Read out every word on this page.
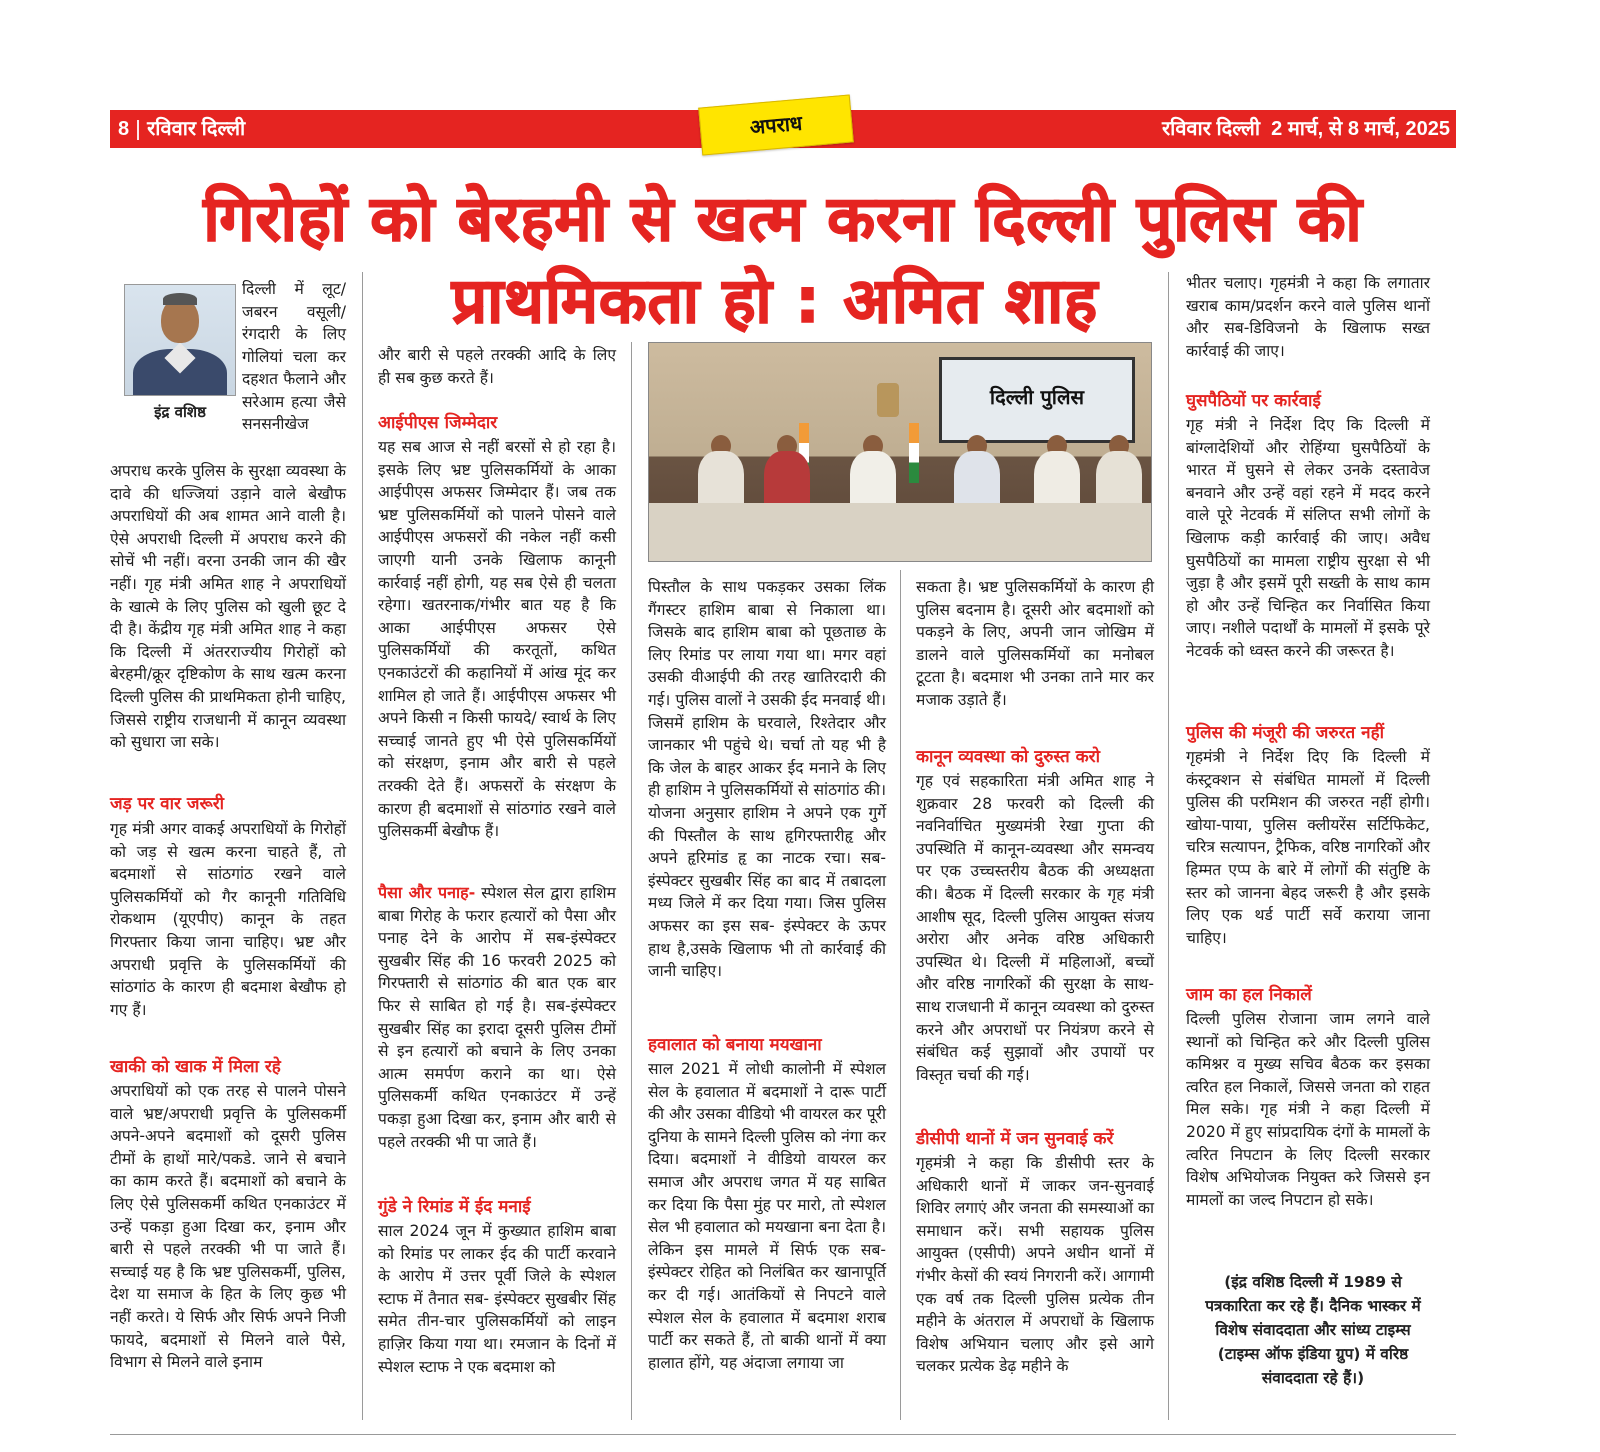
8 रविवार दिल्ली	अपराध	रविवार दिल्ली 2 मार्च, से 8 मार्च, 2025
गिरोहों को बेरहमी से खत्म करना दिल्ली पुलिस की
प्राथमिकता हो : अमित शाह
इंद्र वशिष्ठ
दिल्ली पुलिस

दिल्ली में लूट/ जबरन वसूली/ रंगदारी के लिए गोलियां चला कर दहशत फैलाने और सरेआम हत्या जैसे सनसनीखेज

अपराध करके पुलिस के सुरक्षा व्यवस्था के दावे की धज्जियां उड़ाने वाले बेखौफ अपराधियों की अब शामत आने वाली है। ऐसे अपराधी दिल्ली में अपराध करने की सोचें भी नहीं। वरना उनकी जान की खैर नहीं। गृह मंत्री अमित शाह ने अपराधियों के खात्मे के लिए पुलिस को खुली छूट दे दी है। केंद्रीय गृह मंत्री अमित शाह ने कहा कि दिल्ली में अंतरराज्यीय गिरोहों को बेरहमी/क्रूर दृष्टिकोण के साथ खत्म करना दिल्ली पुलिस की प्राथमिकता होनी चाहिए, जिससे राष्ट्रीय राजधानी में कानून व्यवस्था को सुधारा जा सके।

जड़ पर वार जरूरी

गृह मंत्री अगर वाकई अपराधियों के गिरोहों को जड़ से खत्म करना चाहते हैं, तो बदमाशों से सांठगांठ रखने वाले पुलिसकर्मियों को गैर कानूनी गतिविधि रोकथाम (यूएपीए) कानून के तहत गिरफ्तार किया जाना चाहिए। भ्रष्ट और अपराधी प्रवृत्ति के पुलिसकर्मियों की सांठगांठ के कारण ही बदमाश बेखौफ हो गए हैं।

खाकी को खाक में मिला रहे

अपराधियों को एक तरह से पालने पोसने वाले भ्रष्ट/अपराधी प्रवृत्ति के पुलिसकर्मी अपने-अपने बदमाशों को दूसरी पुलिस टीमों के हाथों मारे/पकडे. जाने से बचाने का काम करते हैं। बदमाशों को बचाने के लिए ऐसे पुलिसकर्मी कथित एनकाउंटर में उन्हें पकड़ा हुआ दिखा कर, इनाम और बारी से पहले तरक्की भी पा जाते हैं। सच्चाई यह है कि भ्रष्ट पुलिसकर्मी, पुलिस, देश या समाज के हित के लिए कुछ भी नहीं करते। ये सिर्फ और सिर्फ अपने निजी फायदे, बदमाशों से मिलने वाले पैसे, विभाग से मिलने वाले इनाम

और बारी से पहले तरक्की आदि के लिए ही सब कुछ करते हैं।

आईपीएस जिम्मेदार

यह सब आज से नहीं बरसों से हो रहा है। इसके लिए भ्रष्ट पुलिसकर्मियों के आका आईपीएस अफसर जिम्मेदार हैं। जब तक भ्रष्ट पुलिसकर्मियों को पालने पोसने वाले आईपीएस अफसरों की नकेल नहीं कसी जाएगी यानी उनके खिलाफ कानूनी कार्रवाई नहीं होगी, यह सब ऐसे ही चलता रहेगा। खतरनाक/गंभीर बात यह है कि आका आईपीएस अफसर ऐसे पुलिसकर्मियों की करतूतों, कथित एनकाउंटरों की कहानियों में आंख मूंद कर शामिल हो जाते हैं। आईपीएस अफसर भी अपने किसी न किसी फायदे/ स्वार्थ के लिए सच्चाई जानते हुए भी ऐसे पुलिसकर्मियों को संरक्षण, इनाम और बारी से पहले तरक्की देते हैं। अफसरों के संरक्षण के कारण ही बदमाशों से सांठगांठ रखने वाले पुलिसकर्मी बेखौफ हैं।

पैसा और पनाह- स्पेशल सेल द्वारा हाशिम बाबा गिरोह के फरार हत्यारों को पैसा और पनाह देने के आरोप में सब-इंस्पेक्टर सुखबीर सिंह की 16 फरवरी 2025 को गिरफ्तारी से सांठगांठ की बात एक बार फिर से साबित हो गई है। सब-इंस्पेक्टर सुखबीर सिंह का इरादा दूसरी पुलिस टीमों से इन हत्यारों को बचाने के लिए उनका आत्म समर्पण कराने का था। ऐसे पुलिसकर्मी कथित एनकाउंटर में उन्हें पकड़ा हुआ दिखा कर, इनाम और बारी से पहले तरक्की भी पा जाते हैं।

गुंडे ने रिमांड में ईद मनाई

साल 2024 जून में कुख्यात हाशिम बाबा को रिमांड पर लाकर ईद की पार्टी करवाने के आरोप में उत्तर पूर्वी जिले के स्पेशल स्टाफ में तैनात सब- इंस्पेक्टर सुखबीर सिंह समेत तीन-चार पुलिसकर्मियों को लाइन हाज़िर किया गया था। रमजान के दिनों में स्पेशल स्टाफ ने एक बदमाश को

पिस्तौल के साथ पकड़कर उसका लिंक गैंगस्टर हाशिम बाबा से निकाला था। जिसके बाद हाशिम बाबा को पूछताछ के लिए रिमांड पर लाया गया था। मगर वहां उसकी वीआईपी की तरह खातिरदारी की गई। पुलिस वालों ने उसकी ईद मनवाई थी। जिसमें हाशिम के घरवाले, रिश्तेदार और जानकार भी पहुंचे थे। चर्चा तो यह भी है कि जेल के बाहर आकर ईद मनाने के लिए ही हाशिम ने पुलिसकर्मियों से सांठगांठ की। योजना अनुसार हाशिम ने अपने एक गुर्गे की पिस्तौल के साथ हृगिरफ्तारीहृ और अपने हृरिमांड हृ का नाटक रचा। सब- इंस्पेक्टर सुखबीर सिंह का बाद में तबादला मध्य जिले में कर दिया गया। जिस पुलिस अफसर का इस सब- इंस्पेक्टर के ऊपर हाथ है,उसके खिलाफ भी तो कार्रवाई की जानी चाहिए।

हवालात को बनाया मयखाना

साल 2021 में लोधी कालोनी में स्पेशल सेल के हवालात में बदमाशों ने दारू पार्टी की और उसका वीडियो भी वायरल कर पूरी दुनिया के सामने दिल्ली पुलिस को नंगा कर दिया। बदमाशों ने वीडियो वायरल कर समाज और अपराध जगत में यह साबित कर दिया कि पैसा मुंह पर मारो, तो स्पेशल सेल भी हवालात को मयखाना बना देता है। लेकिन इस मामले में सिर्फ एक सब-इंस्पेक्टर रोहित को निलंबित कर खानापूर्ति कर दी गई। आतंकियों से निपटने वाले स्पेशल सेल के हवालात में बदमाश शराब पार्टी कर सकते हैं, तो बाकी थानों में क्या हालात होंगे, यह अंदाजा लगाया जा

सकता है। भ्रष्ट पुलिसकर्मियों के कारण ही पुलिस बदनाम है। दूसरी ओर बदमाशों को पकड़ने के लिए, अपनी जान जोखिम में डालने वाले पुलिसकर्मियों का मनोबल टूटता है। बदमाश भी उनका ताने मार कर मजाक उड़ाते हैं।

कानून व्यवस्था को दुरुस्त करो

गृह एवं सहकारिता मंत्री अमित शाह ने शुक्रवार 28 फरवरी को दिल्ली की नवनिर्वाचित मुख्यमंत्री रेखा गुप्ता की उपस्थिति में कानून-व्यवस्था और समन्वय पर एक उच्चस्तरीय बैठक की अध्यक्षता की। बैठक में दिल्ली सरकार के गृह मंत्री आशीष सूद, दिल्ली पुलिस आयुक्त संजय अरोरा और अनेक वरिष्ठ अधिकारी उपस्थित थे। दिल्ली में महिलाओं, बच्चों और वरिष्ठ नागरिकों की सुरक्षा के साथ-साथ राजधानी में कानून व्यवस्था को दुरुस्त करने और अपराधों पर नियंत्रण करने से संबंधित कई सुझावों और उपायों पर विस्तृत चर्चा की गई।

डीसीपी थानों में जन सुनवाई करें

गृहमंत्री ने कहा कि डीसीपी स्तर के अधिकारी थानों में जाकर जन-सुनवाई शिविर लगाएं और जनता की समस्याओं का समाधान करें। सभी सहायक पुलिस आयुक्त (एसीपी) अपने अधीन थानों में गंभीर केसों की स्वयं निगरानी करें। आगामी एक वर्ष तक दिल्ली पुलिस प्रत्येक तीन महीने के अंतराल में अपराधों के खिलाफ विशेष अभियान चलाए और इसे आगे चलकर प्रत्येक डेढ़ महीने के

भीतर चलाए। गृहमंत्री ने कहा कि लगातार खराब काम/प्रदर्शन करने वाले पुलिस थानों और सब-डिविजनो के खिलाफ सख्त कार्रवाई की जाए।

घुसपैठियों पर कार्रवाई

गृह मंत्री ने निर्देश दिए कि दिल्ली में बांग्लादेशियों और रोहिंग्या घुसपैठियों के भारत में घुसने से लेकर उनके दस्तावेज बनवाने और उन्हें वहां रहने में मदद करने वाले पूरे नेटवर्क में संलिप्त सभी लोगों के खिलाफ कड़ी कार्रवाई की जाए। अवैध घुसपैठियों का मामला राष्ट्रीय सुरक्षा से भी जुड़ा है और इसमें पूरी सख्ती के साथ काम हो और उन्हें चिन्हित कर निर्वासित किया जाए। नशीले पदार्थों के मामलों में इसके पूरे नेटवर्क को ध्वस्त करने की जरूरत है।

पुलिस की मंजूरी की जरुरत नहीं

गृहमंत्री ने निर्देश दिए कि दिल्ली में कंस्ट्रक्शन से संबंधित मामलों में दिल्ली पुलिस की परमिशन की जरुरत नहीं होगी। खोया-पाया, पुलिस क्लीयरेंस सर्टिफिकेट, चरित्र सत्यापन, ट्रैफिक, वरिष्ठ नागरिकों और हिम्मत एप्प के बारे में लोगों की संतुष्टि के स्तर को जानना बेहद जरूरी है और इसके लिए एक थर्ड पार्टी सर्वे कराया जाना चाहिए।

जाम का हल निकालें

दिल्ली पुलिस रोजाना जाम लगने वाले स्थानों को चिन्हित करे और दिल्ली पुलिस कमिश्नर व मुख्य सचिव बैठक कर इसका त्वरित हल निकालें, जिससे जनता को राहत मिल सके। गृह मंत्री ने कहा दिल्ली में 2020 में हुए सांप्रदायिक दंगों के मामलों के त्वरित निपटान के लिए दिल्ली सरकार विशेष अभियोजक नियुक्त करे जिससे इन मामलों का जल्द निपटान हो सके।

(इंद्र वशिष्ठ दिल्ली में 1989 से पत्रकारिता कर रहे हैं। दैनिक भास्कर में विशेष संवाददाता और सांध्य टाइम्स (टाइम्स ऑफ इंडिया ग्रुप) में वरिष्ठ संवाददाता रहे हैं।)
